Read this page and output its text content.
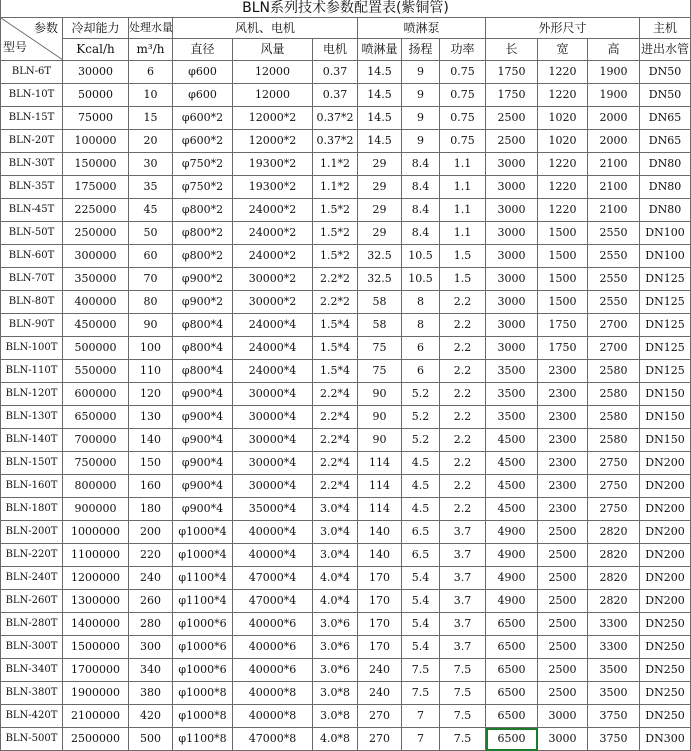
BLN系列技术参数配置表(紫铜管)												

参数
型号	冷却能力	处理水量	风机、电机			喷淋泵			外形尺寸			主机
	Kcal/h	m³/h	直径	风量	电机	喷淋量	扬程	功率	长	宽	高	进出水管
BLN-6T	30000	6	φ600	12000	0.37	14.5	9	0.75	1750	1220	1900	DN50
BLN-10T	50000	10	φ600	12000	0.37	14.5	9	0.75	1750	1220	1900	DN50
BLN-15T	75000	15	φ600*2	12000*2	0.37*2	14.5	9	0.75	2500	1020	2000	DN65
BLN-20T	100000	20	φ600*2	12000*2	0.37*2	14.5	9	0.75	2500	1020	2000	DN65
BLN-30T	150000	30	φ750*2	19300*2	1.1*2	29	8.4	1.1	3000	1220	2100	DN80
BLN-35T	175000	35	φ750*2	19300*2	1.1*2	29	8.4	1.1	3000	1220	2100	DN80
BLN-45T	225000	45	φ800*2	24000*2	1.5*2	29	8.4	1.1	3000	1220	2100	DN80
BLN-50T	250000	50	φ800*2	24000*2	1.5*2	29	8.4	1.1	3000	1500	2550	DN100
BLN-60T	300000	60	φ800*2	24000*2	1.5*2	32.5	10.5	1.5	3000	1500	2550	DN100
BLN-70T	350000	70	φ900*2	30000*2	2.2*2	32.5	10.5	1.5	3000	1500	2550	DN125
BLN-80T	400000	80	φ900*2	30000*2	2.2*2	58	8	2.2	3000	1500	2550	DN125
BLN-90T	450000	90	φ800*4	24000*4	1.5*4	58	8	2.2	3000	1750	2700	DN125
BLN-100T	500000	100	φ800*4	24000*4	1.5*4	75	6	2.2	3000	1750	2700	DN125
BLN-110T	550000	110	φ800*4	24000*4	1.5*4	75	6	2.2	3500	2300	2580	DN125
BLN-120T	600000	120	φ900*4	30000*4	2.2*4	90	5.2	2.2	3500	2300	2580	DN150
BLN-130T	650000	130	φ900*4	30000*4	2.2*4	90	5.2	2.2	3500	2300	2580	DN150
BLN-140T	700000	140	φ900*4	30000*4	2.2*4	90	5.2	2.2	4500	2300	2580	DN150
BLN-150T	750000	150	φ900*4	30000*4	2.2*4	114	4.5	2.2	4500	2300	2750	DN200
BLN-160T	800000	160	φ900*4	30000*4	2.2*4	114	4.5	2.2	4500	2300	2750	DN200
BLN-180T	900000	180	φ900*4	35000*4	3.0*4	114	4.5	2.2	4500	2300	2750	DN200
BLN-200T	1000000	200	φ1000*4	40000*4	3.0*4	140	6.5	3.7	4900	2500	2820	DN200
BLN-220T	1100000	220	φ1000*4	40000*4	3.0*4	140	6.5	3.7	4900	2500	2820	DN200
BLN-240T	1200000	240	φ1100*4	47000*4	4.0*4	170	5.4	3.7	4900	2500	2820	DN200
BLN-260T	1300000	260	φ1100*4	47000*4	4.0*4	170	5.4	3.7	4900	2500	2820	DN200
BLN-280T	1400000	280	φ1000*6	40000*6	3.0*6	170	5.4	3.7	6500	2500	3300	DN250
BLN-300T	1500000	300	φ1000*6	40000*6	3.0*6	170	5.4	3.7	6500	2500	3300	DN250
BLN-340T	1700000	340	φ1000*6	40000*6	3.0*6	240	7.5	7.5	6500	2500	3500	DN250
BLN-380T	1900000	380	φ1000*8	40000*8	3.0*8	240	7.5	7.5	6500	2500	3500	DN250
BLN-420T	2100000	420	φ1000*8	40000*8	3.0*8	270	7	7.5	6500	3000	3750	DN250
BLN-500T	2500000	500	φ1100*8	47000*8	4.0*8	270	7	7.5	6500	3000	3750	DN300
